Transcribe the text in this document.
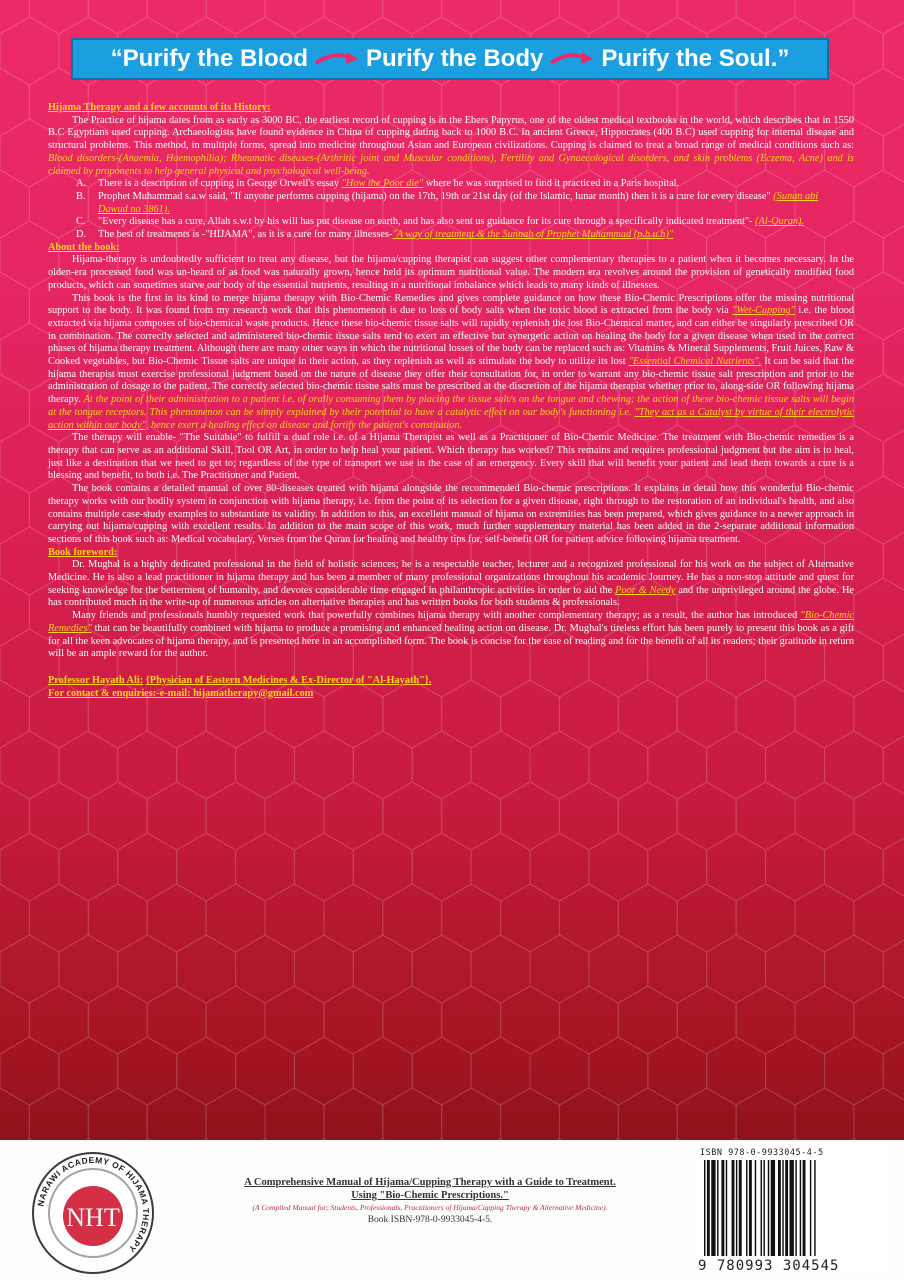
“Purify the Blood Purify the Body Purify the Soul.”
Hijama Therapy and a few accounts of its History:

The Practice of hijama dates from as early as 3000 BC, the earliest record of cupping is in the Ebers Papyrus, one of the oldest medical textbooks in the world, which describes that in 1550 B.C Egyptians used cupping. Archaeologists have found evidence in China of cupping dating back to 1000 B.C. In ancient Greece, Hippocrates (400 B.C) used cupping for internal disease and structural problems. This method, in multiple forms, spread into medicine throughout Asian and European civilizations. Cupping is claimed to treat a broad range of medical conditions such as: Blood disorders-(Anaemia, Haemophilia); Rheumatic diseases-(Arthritic joint and Muscular conditions), Fertility and Gynaecological disorders, and skin problems (Eczema, Acne) and is claimed by proponents to help general physical and psychological well-being.

A. There is a description of cupping in George Orwell's essay "How the Poor die" where he was surprised to find it practiced in a Paris hospital.
B. Prophet Muhammad s.a.w said, "If anyone performs cupping (hijama) on the 17th, 19th or 21st day (of the Islamic, lunar month) then it is a cure for every disease" (Sunan abi Dawud no 3861).
C. "Every disease has a cure, Allah s.w.t by his will has put disease on earth, and has also sent us guidance for its cure through a specifically indicated treatment"- (Al-Quran).
D. The best of treatments is -"HIJAMA", as it is a cure for many illnesses-"A way of treatment & the Sunnah of Prophet Muhammad (p.b.u.h)"
About the book:

Hijama-therapy is undoubtedly sufficient to treat any disease, but the hijama/cupping therapist can suggest other complementary therapies to a patient when it becomes necessary. In the olden-era processed food was un-heard of as food was naturally grown, hence held its optimum nutritional value. The modern era revolves around the provision of genetically modified food products, which can sometimes starve our body of the essential nutrients, resulting in a nutritional imbalance which leads to many kinds of illnesses.

This book is the first in its kind to merge hijama therapy with Bio-Chemic Remedies and gives complete guidance on how these Bio-Chemic Prescriptions offer the missing nutritional support to the body. It was found from my research work that this phenomenon is due to loss of body salts when the toxic blood is extracted from the body via "Wet-Cupping" i.e. the blood extracted via hijama composes of bio-chemical waste products. Hence these bio-chemic tissue salts will rapidly replenish the lost Bio-Chemical matter, and can either be singularly prescribed OR in combination. The correctly selected and administered bio-chemic tissue salts tend to exert an effective but synergetic action on healing the body for a given disease when used in the correct phases of hijama therapy treatment. Although there are many other ways in which the nutritional losses of the body can be replaced such as: Vitamins & Mineral Supplements, Fruit Juices, Raw & Cooked vegetables, but Bio-Chemic Tissue salts are unique in their action, as they replenish as well as stimulate the body to utilize its lost "Essential Chemical Nutrients". It can be said that the hijama therapist must exercise professional judgment based on the nature of disease they offer their consultation for, in order to warrant any bio-chemic tissue salt prescription and prior to the administration of dosage to the patient. The correctly selected bio-chemic tissue salts must be prescribed at the discretion of the hijama therapist whether prior to, along-side OR following hijama therapy. At the point of their administration to a patient i.e. of orally consuming them by placing the tissue salt/s on the tongue and chewing; the action of these bio-chemic tissue salts will begin at the tongue receptors. This phenomenon can be simply explained by their potential to have a catalytic effect on our body's functioning i.e. "They act as a Catalyst by virtue of their electrolytic action within our body", hence exert a healing effect on disease and fortify the patient's constitution.

The therapy will enable- "The Suitable" to fulfill a dual role i.e. of a Hijama Therapist as well as a Practitioner of Bio-Chemic Medicine. The treatment with Bio-chemic remedies is a therapy that can serve as an additional Skill, Tool OR Art, in order to help heal your patient. Which therapy has worked? This remains and requires professional judgment but the aim is to heal, just like a destination that we need to get to; regardless of the type of transport we use in the case of an emergency. Every skill that will benefit your patient and lead them towards a cure is a blessing and benefit, to both i.e. The Practitioner and Patient.

The book contains a detailed manual of over 80-diseases treated with hijama alongside the recommended Bio-chemic prescriptions. It explains in detail how this wonderful Bio-chemic therapy works with our bodily system in conjunction with hijama therapy, i.e. from the point of its selection for a given disease, right through to the restoration of an individual's health, and also contains multiple case-study examples to substantiate its validity. In addition to this, an excellent manual of hijama on extremities has been prepared, which gives guidance to a newer approach in carrying out hijama/cupping with excellent results. In addition to the main scope of this work, much further supplementary material has been added in the 2-separate additional information sections of this book such as: Medical vocabulary, Verses from the Quran for healing and healthy tips for, self-benefit OR for patient advice following hijama treatment.

Book foreword:

Dr. Mughal is a highly dedicated professional in the field of holistic sciences; he is a respectable teacher, lecturer and a recognized professional for his work on the subject of Alternative Medicine. He is also a lead practitioner in hijama therapy and has been a member of many professional organizations throughout his academic Journey. He has a non-stop attitude and quest for seeking knowledge for the betterment of humanity, and devotes considerable time engaged in philanthropic activities in order to aid the Poor & Needy and the unprivileged around the globe. He has contributed much in the write-up of numerous articles on alternative therapies and has written books for both students & professionals.

Many friends and professionals humbly requested work that powerfully combines hijama therapy with another complementary therapy; as a result, the author has introduced "Bio-Chemic Remedies" that can be beautifully combined with hijama to produce a promising and enhanced healing action on disease. Dr. Mughal's tireless effort has been purely to present this book as a gift for all the keen advocates of hijama therapy, and is presented here in an accomplished form. The book is concise for the ease of reading and for the benefit of all its readers; their gratitude in return will be an ample reward for the author.

Professor Hayath Ali: {Physician of Eastern Medicines & Ex-Director of "Al-Hayath"}.
For contact & enquiries:-e-mail: hijamatherapy@gmail.com
NARAWI ACADEMY OF HIJAMA THERAPY
NHT
A Comprehensive Manual of Hijama/Cupping Therapy with a Guide to Treatment.
Using "Bio-Chemic Prescriptions."
(A Compiled Manual for; Students, Professionals, Practitioners of Hijama/Cupping Therapy & Alternative Medicine).
Book ISBN-978-0-9933045-4-5.
ISBN 978-0-9933045-4-5
9 780993 304545
